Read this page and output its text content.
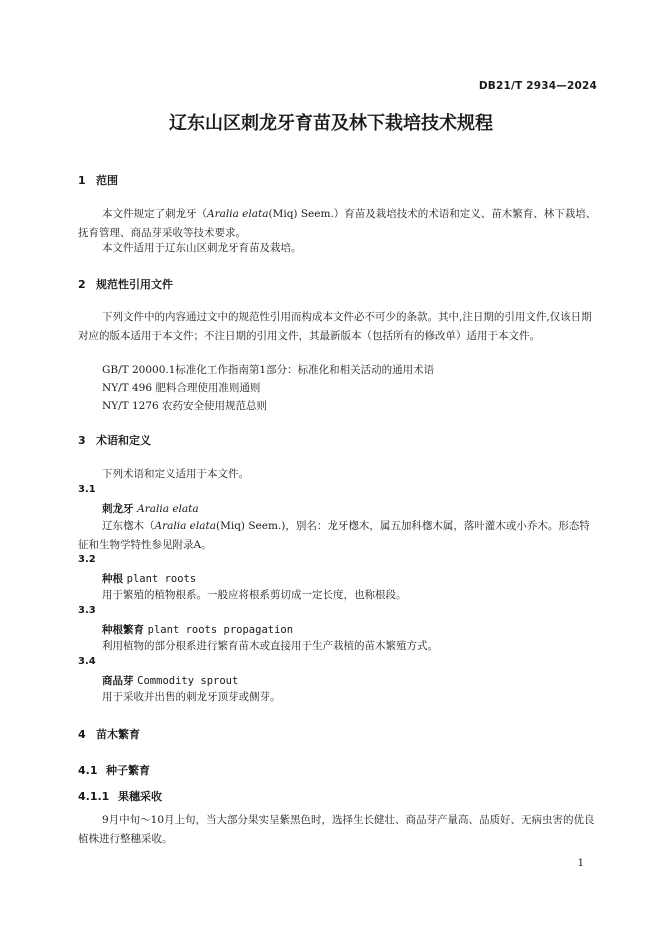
DB21/T 2934—2024
辽东山区刺龙牙育苗及林下栽培技术规程
1 范围
本文件规定了刺龙牙（Aralia elata(Miq) Seem.）育苗及栽培技术的术语和定义、苗木繁育、林下栽培、抚育管理、商品芽采收等技术要求。
本文件适用于辽东山区刺龙牙育苗及栽培。
2 规范性引用文件
下列文件中的内容通过文中的规范性引用而构成本文件必不可少的条款。其中,注日期的引用文件,仅该日期对应的版本适用于本文件；不注日期的引用文件，其最新版本（包括所有的修改单）适用于本文件。
GB/T 20000.1标准化工作指南第1部分：标准化和相关活动的通用术语
NY/T 496 肥料合理使用准则通则
NY/T 1276 农药安全使用规范总则
3 术语和定义
下列术语和定义适用于本文件。
3.1
刺龙牙 Aralia elata
辽东楤木（Aralia elata(Miq) Seem.)，别名：龙牙楤木，属五加科楤木属，落叶灌木或小乔木。形态特征和生物学特性参见附录A。
3.2
种根 plant roots
用于繁殖的植物根系。一般应将根系剪切成一定长度，也称根段。
3.3
种根繁育 plant roots propagation
利用植物的部分根系进行繁育苗木或直接用于生产栽植的苗木繁殖方式。
3.4
商品芽 Commodity sprout
用于采收并出售的刺龙牙顶芽或侧芽。
4 苗木繁育
4.1 种子繁育
4.1.1 果穗采收
9月中旬～10月上旬，当大部分果实呈紫黑色时，选择生长健壮、商品芽产量高、品质好、无病虫害的优良植株进行整穗采收。
1
